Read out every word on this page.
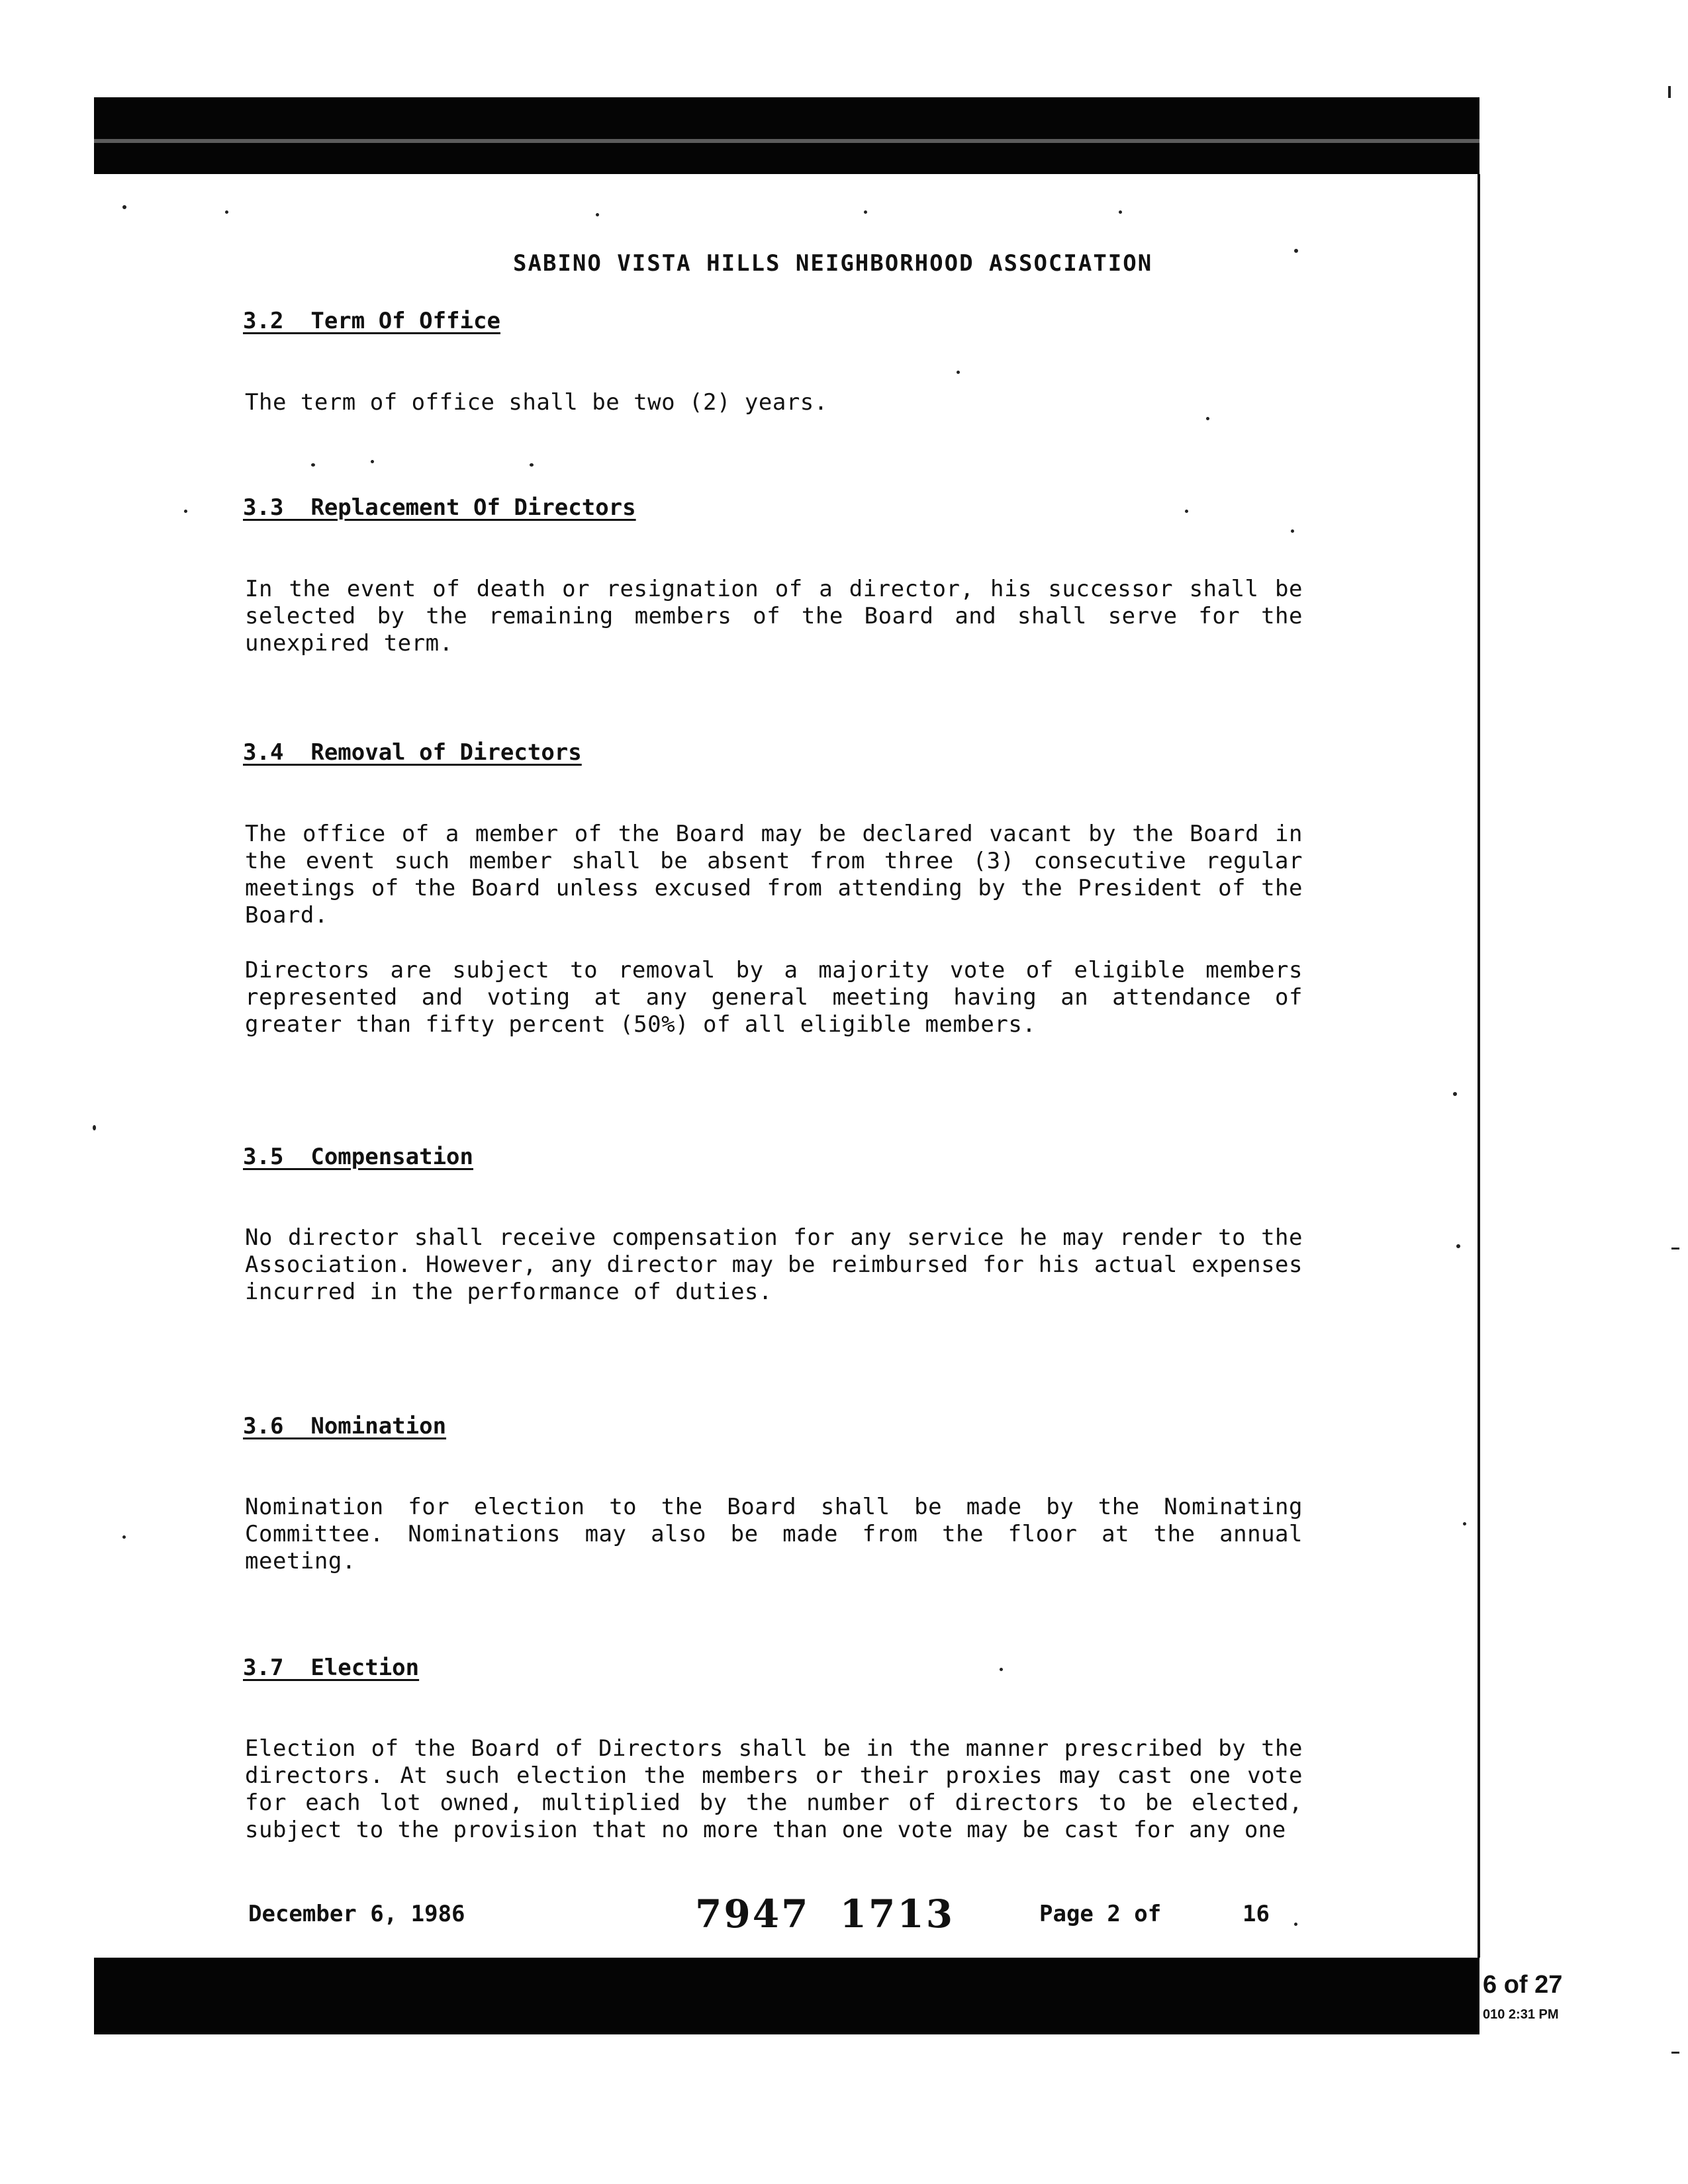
SABINO VISTA HILLS NEIGHBORHOOD ASSOCIATION
3.2  Term Of Office
The term of office shall be two (2) years.
3.3  Replacement Of Directors
In the event of death or resignation of a director, his successor shall be selected by the remaining members of the Board and shall serve for the unexpired term.
3.4  Removal of Directors
The office of a member of the Board may be declared vacant by the Board in the event such member shall be absent from three (3) consecutive regular meetings of the Board unless excused from attending by the President of the Board.
Directors are subject to removal by a majority vote of eligible members represented and voting at any general meeting having an attendance of greater than fifty percent (50%) of all eligible members.
3.5  Compensation
No director shall receive compensation for any service he may render to the Association. However, any director may be reimbursed for his actual expenses incurred in the performance of duties.
3.6  Nomination
Nomination for election to the Board shall be made by the Nominating Committee. Nominations may also be made from the floor at the annual meeting.
3.7  Election
Election of the Board of Directors shall be in the manner prescribed by the directors. At such election the members or their proxies may cast one vote for each lot owned, multiplied by the number of directors to be elected, subject to the provision that no more than one vote may be cast for any one
December 6, 1986	7947 1713	Page 2 of      16
6 of 27
010 2:31 PM
